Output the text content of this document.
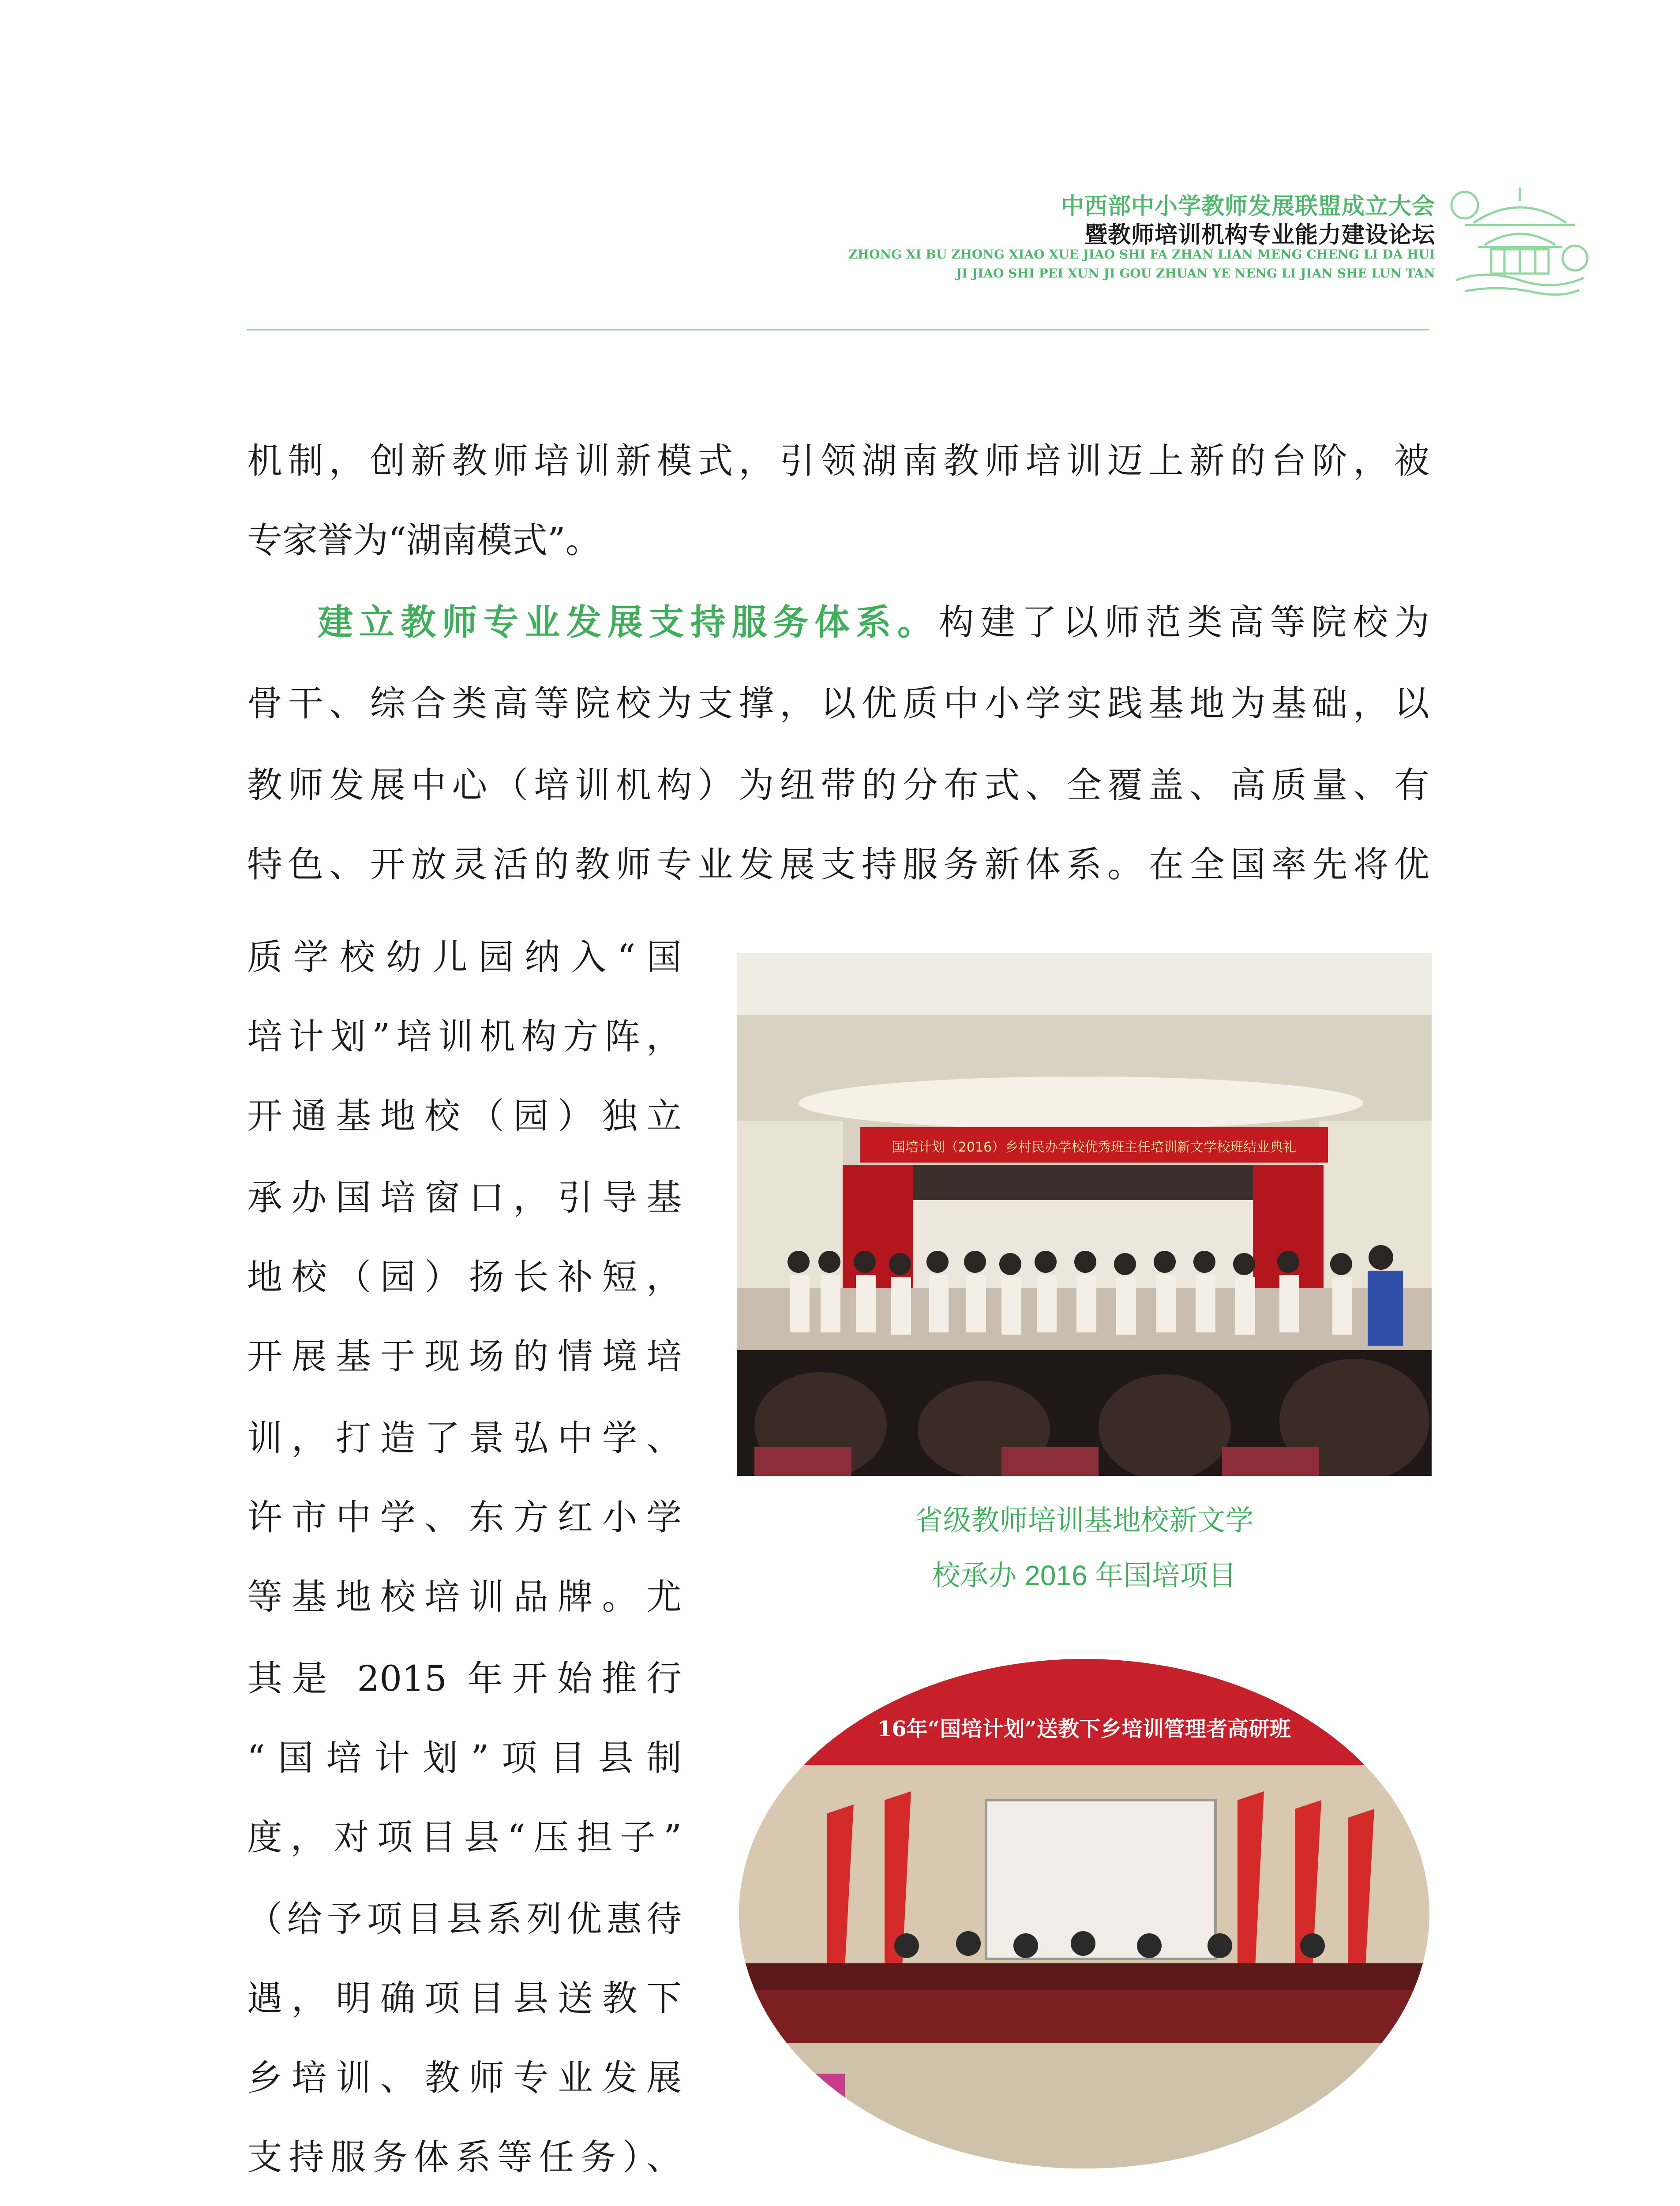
中西部中小学教师发展联盟成立大会
暨教师培训机构专业能力建设论坛
ZHONG XI BU ZHONG XIAO XUE JIAO SHI FA ZHAN LIAN MENG CHENG LI DA HUI
JI JIAO SHI PEI XUN JI GOU ZHUAN YE NENG LI JIAN SHE LUN TAN
机制，创新教师培训新模式，引领湖南教师培训迈上新的台阶，被
专家誉为“湖南模式”。
建立教师专业发展支持服务体系。构建了以师范类高等院校为
骨干、综合类高等院校为支撑，以优质中小学实践基地为基础，以
教师发展中心（培训机构）为纽带的分布式、全覆盖、高质量、有
特色、开放灵活的教师专业发展支持服务新体系。在全国率先将优
质学校幼儿园纳入“国
培计划”培训机构方阵，
开通基地校（园）独立
承办国培窗口，引导基
地校（园）扬长补短，
开展基于现场的情境培
训，打造了景弘中学、
许市中学、东方红小学
等基地校培训品牌。尤
其是 2015 年开始推行
“国培计划”项目县制
度，对项目县“压担子”
（给予项目县系列优惠待
遇，明确项目县送教下
乡培训、教师专业发展
支持服务体系等任务）、
国培计划（2016）乡村民办学校优秀班主任培训新文学校班结业典礼
省级教师培训基地校新文学
校承办 2016 年国培项目
16年“国培计划”送教下乡培训管理者高研班
